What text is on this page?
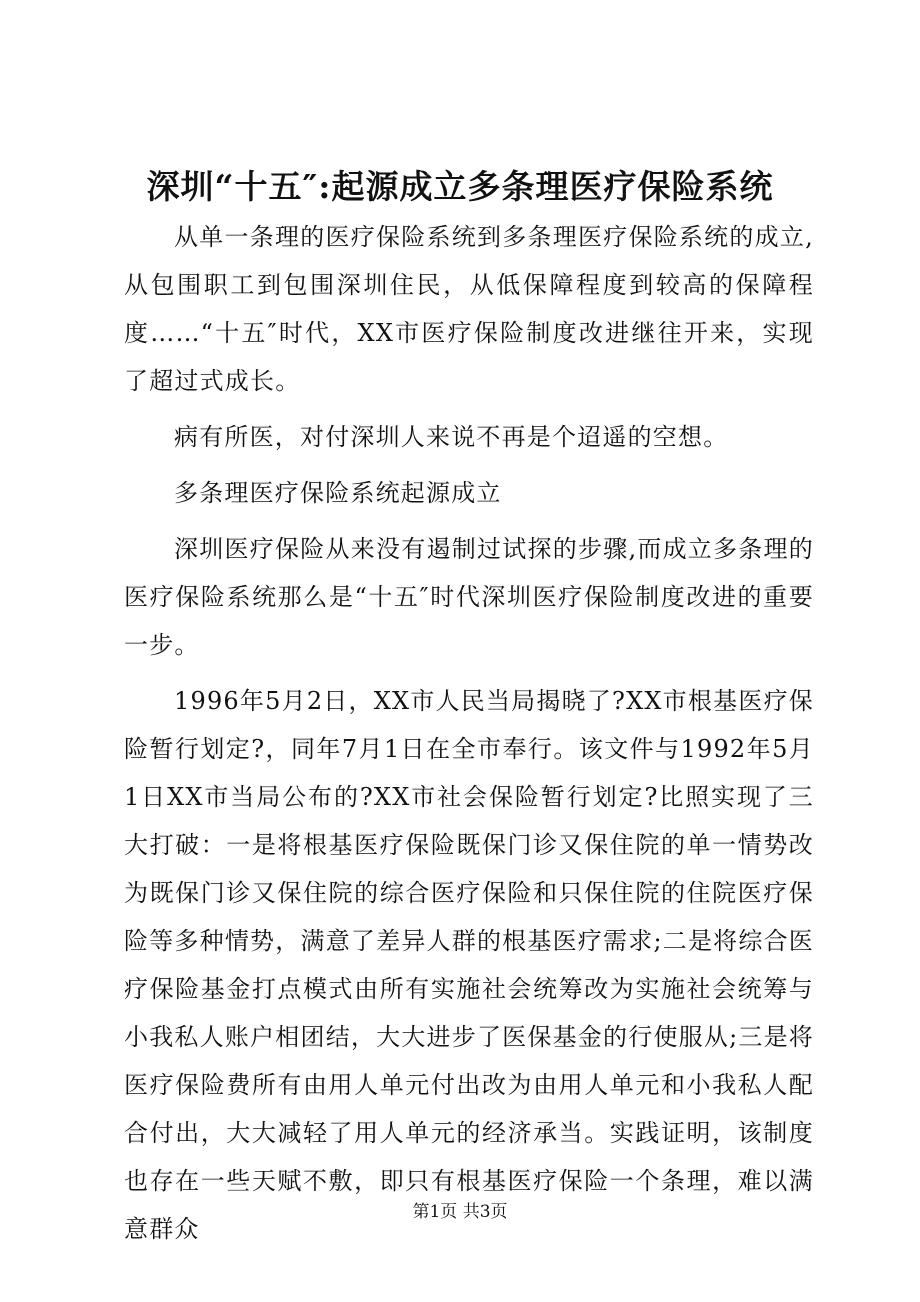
深圳“十五″:起源成立多条理医疗保险系统

从单一条理的医疗保险系统到多条理医疗保险系统的成立,从包围职工到包围深圳住民，从低保障程度到较高的保障程度……“十五″时代，XX市医疗保险制度改进继往开来，实现了超过式成长。

病有所医，对付深圳人来说不再是个迢遥的空想。

多条理医疗保险系统起源成立

深圳医疗保险从来没有遏制过试探的步骤,而成立多条理的医疗保险系统那么是“十五″时代深圳医疗保险制度改进的重要一步。

1996年5月2日，XX市人民当局揭晓了?XX市根基医疗保险暂行划定?，同年7月1日在全市奉行。该文件与1992年5月1日XX市当局公布的?XX市社会保险暂行划定?比照实现了三大打破：一是将根基医疗保险既保门诊又保住院的单一情势改为既保门诊又保住院的综合医疗保险和只保住院的住院医疗保险等多种情势，满意了差异人群的根基医疗需求;二是将综合医疗保险基金打点模式由所有实施社会统筹改为实施社会统筹与小我私人账户相团结，大大进步了医保基金的行使服从;三是将医疗保险费所有由用人单元付出改为由用人单元和小我私人配合付出，大大减轻了用人单元的经济承当。实践证明，该制度也存在一些天赋不敷，即只有根基医疗保险一个条理，难以满意群众

第1页 共3页
